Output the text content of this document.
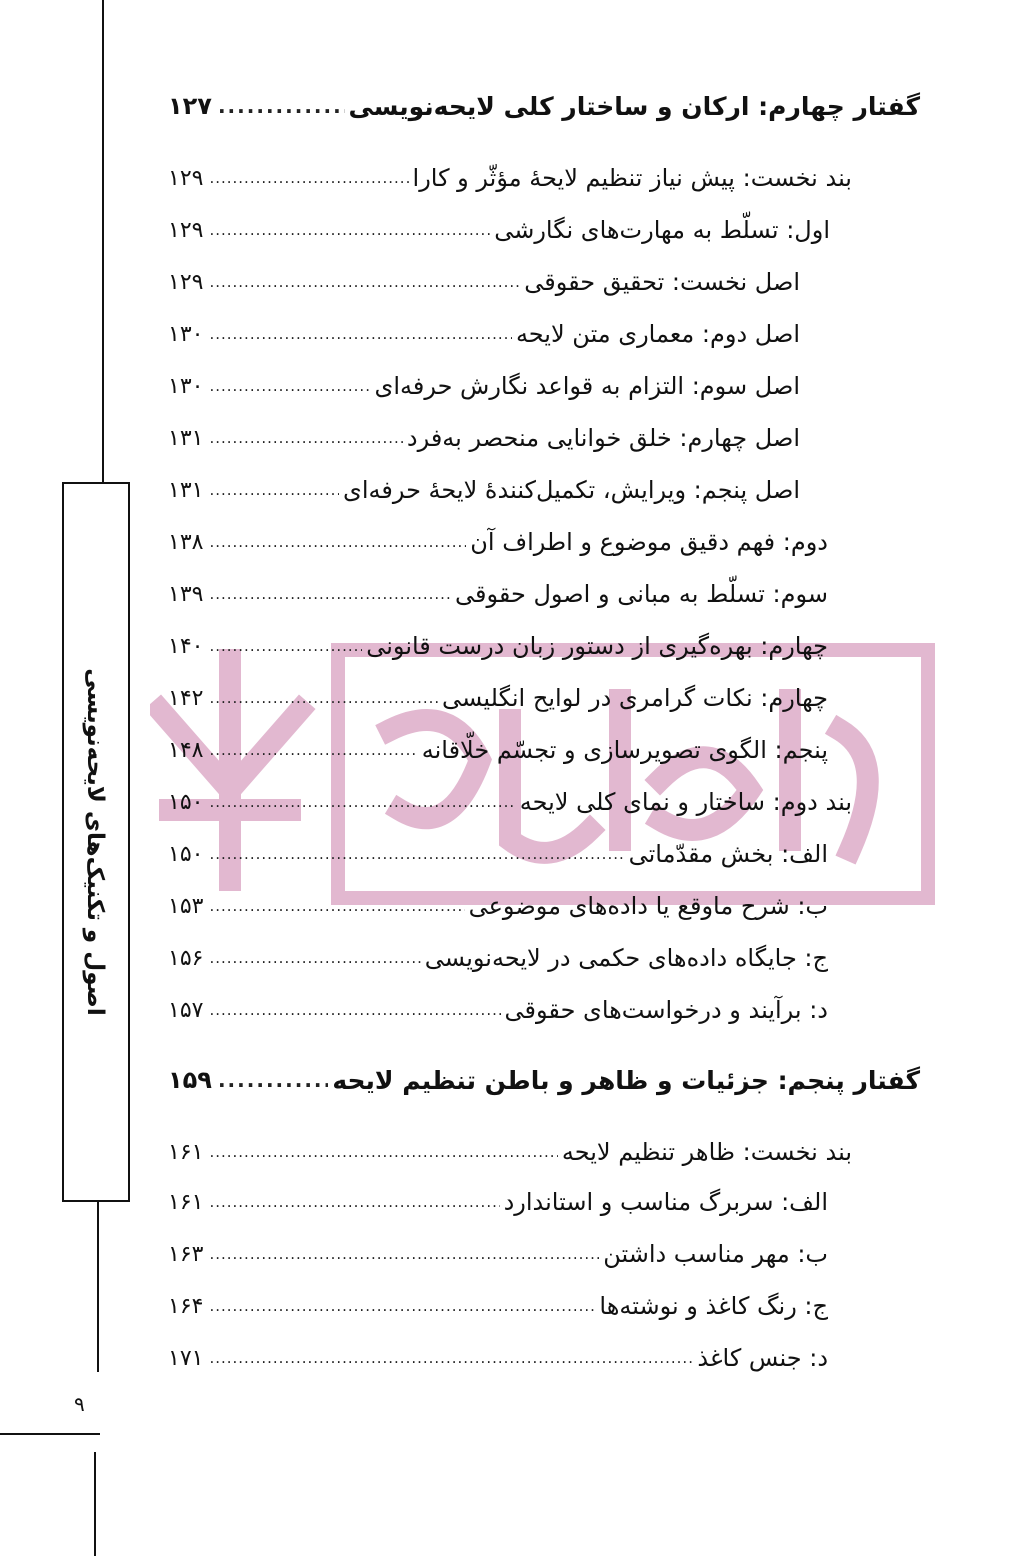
اصول و تکنیک‌های لایحه‌نویسی
۹
۱۲۷ .....	گفتار چهارم: ارکان و ساختار کلی لایحه‌نویسی
۱۲۹ .....	بند نخست: پیش نیاز تنظیم لایحهٔ مؤثّر و کارا
۱۲۹ .....	اول: تسلّط به مهارت‌های نگارشی
۱۲۹ .....	اصل نخست: تحقیق حقوقی
۱۳۰ .....	اصل دوم: معماری متن لایحه
۱۳۰ .....	اصل سوم: التزام به قواعد نگارش حرفه‌ای
۱۳۱ .....	اصل چهارم: خلق خوانایی منحصر به‌فرد
۱۳۱ .....	اصل پنجم: ویرایش، تکمیل‌کنندهٔ لایحهٔ حرفه‌ای
۱۳۸ .....	دوم: فهم دقیق موضوع و اطراف آن
۱۳۹ .....	سوم: تسلّط به مبانی و اصول حقوقی
۱۴۰ .....	چهارم: بهره‌گیری از دستور زبان درست قانونی
۱۴۲ .....	چهارم: نکات گرامری در لوایح انگلیسی
۱۴۸ .....	پنجم: الگوی تصویرسازی و تجسّم خلّاقانه
۱۵۰ .....	بند دوم: ساختار و نمای کلی لایحه
۱۵۰ .....	الف: بخش مقدّماتی
۱۵۳ .....	ب: شرح ماوقع یا داده‌های موضوعی
۱۵۶ .....	ج: جایگاه داده‌های حکمی در لایحه‌نویسی
۱۵۷ .....	د: برآیند و درخواست‌های حقوقی
۱۵۹ .....	گفتار پنجم: جزئیات و ظاهر و باطن تنظیم لایحه
۱۶۱ .....	بند نخست: ظاهر تنظیم لایحه
۱۶۱ .....	الف: سربرگ مناسب و استاندارد
۱۶۳ .....	ب: مهر مناسب داشتن
۱۶۴ .....	ج: رنگ کاغذ و نوشته‌ها
۱۷۱ .....	د: جنس کاغذ
